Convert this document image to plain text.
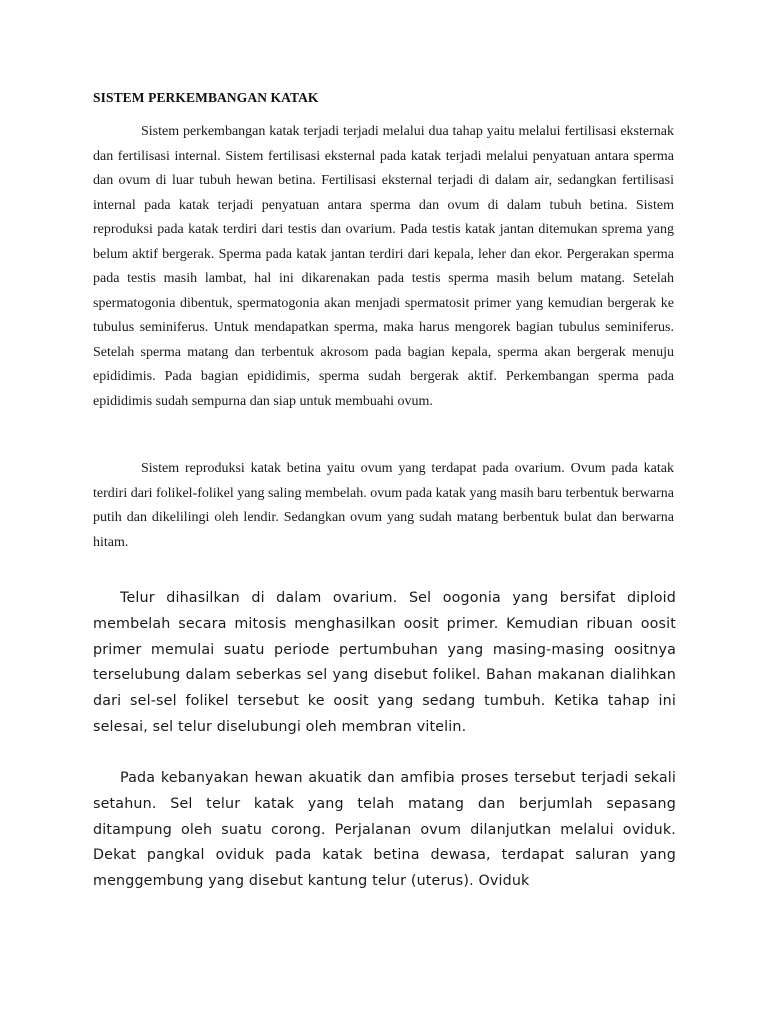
SISTEM PERKEMBANGAN KATAK

Sistem perkembangan katak terjadi terjadi melalui dua tahap yaitu melalui fertilisasi eksternak dan fertilisasi internal. Sistem fertilisasi eksternal pada katak terjadi melalui penyatuan antara sperma dan ovum di luar tubuh hewan betina. Fertilisasi eksternal terjadi di dalam air, sedangkan fertilisasi internal pada katak terjadi penyatuan antara sperma dan ovum di dalam tubuh betina. Sistem reproduksi pada katak terdiri dari testis dan ovarium. Pada testis katak jantan ditemukan sprema yang belum aktif bergerak. Sperma pada katak jantan terdiri dari kepala, leher dan ekor. Pergerakan sperma pada testis masih lambat, hal ini dikarenakan pada testis sperma masih belum matang. Setelah spermatogonia dibentuk, spermatogonia akan menjadi spermatosit primer yang kemudian bergerak ke tubulus seminiferus. Untuk mendapatkan sperma, maka harus mengorek bagian tubulus seminiferus. Setelah sperma matang dan terbentuk akrosom pada bagian kepala, sperma akan bergerak menuju epididimis. Pada bagian epididimis, sperma sudah bergerak aktif. Perkembangan sperma pada epididimis sudah sempurna dan siap untuk membuahi ovum.

Sistem reproduksi katak betina yaitu ovum yang terdapat pada ovarium. Ovum pada katak terdiri dari folikel-folikel yang saling membelah. ovum pada katak yang masih baru terbentuk berwarna putih dan dikelilingi oleh lendir. Sedangkan ovum yang sudah matang berbentuk bulat dan berwarna hitam.

Telur dihasilkan di dalam ovarium. Sel oogonia yang bersifat diploid membelah secara mitosis menghasilkan oosit primer. Kemudian ribuan oosit primer memulai suatu periode pertumbuhan yang masing-masing oositnya terselubung dalam seberkas sel yang disebut folikel. Bahan makanan dialihkan dari sel-sel folikel tersebut ke oosit yang sedang tumbuh. Ketika tahap ini selesai, sel telur diselubungi oleh membran vitelin.

Pada kebanyakan hewan akuatik dan amfibia proses tersebut terjadi sekali setahun. Sel telur katak yang telah matang dan berjumlah sepasang ditampung oleh suatu corong. Perjalanan ovum dilanjutkan melalui oviduk. Dekat pangkal oviduk pada katak betina dewasa, terdapat saluran yang menggembung yang disebut kantung telur (uterus). Oviduk
